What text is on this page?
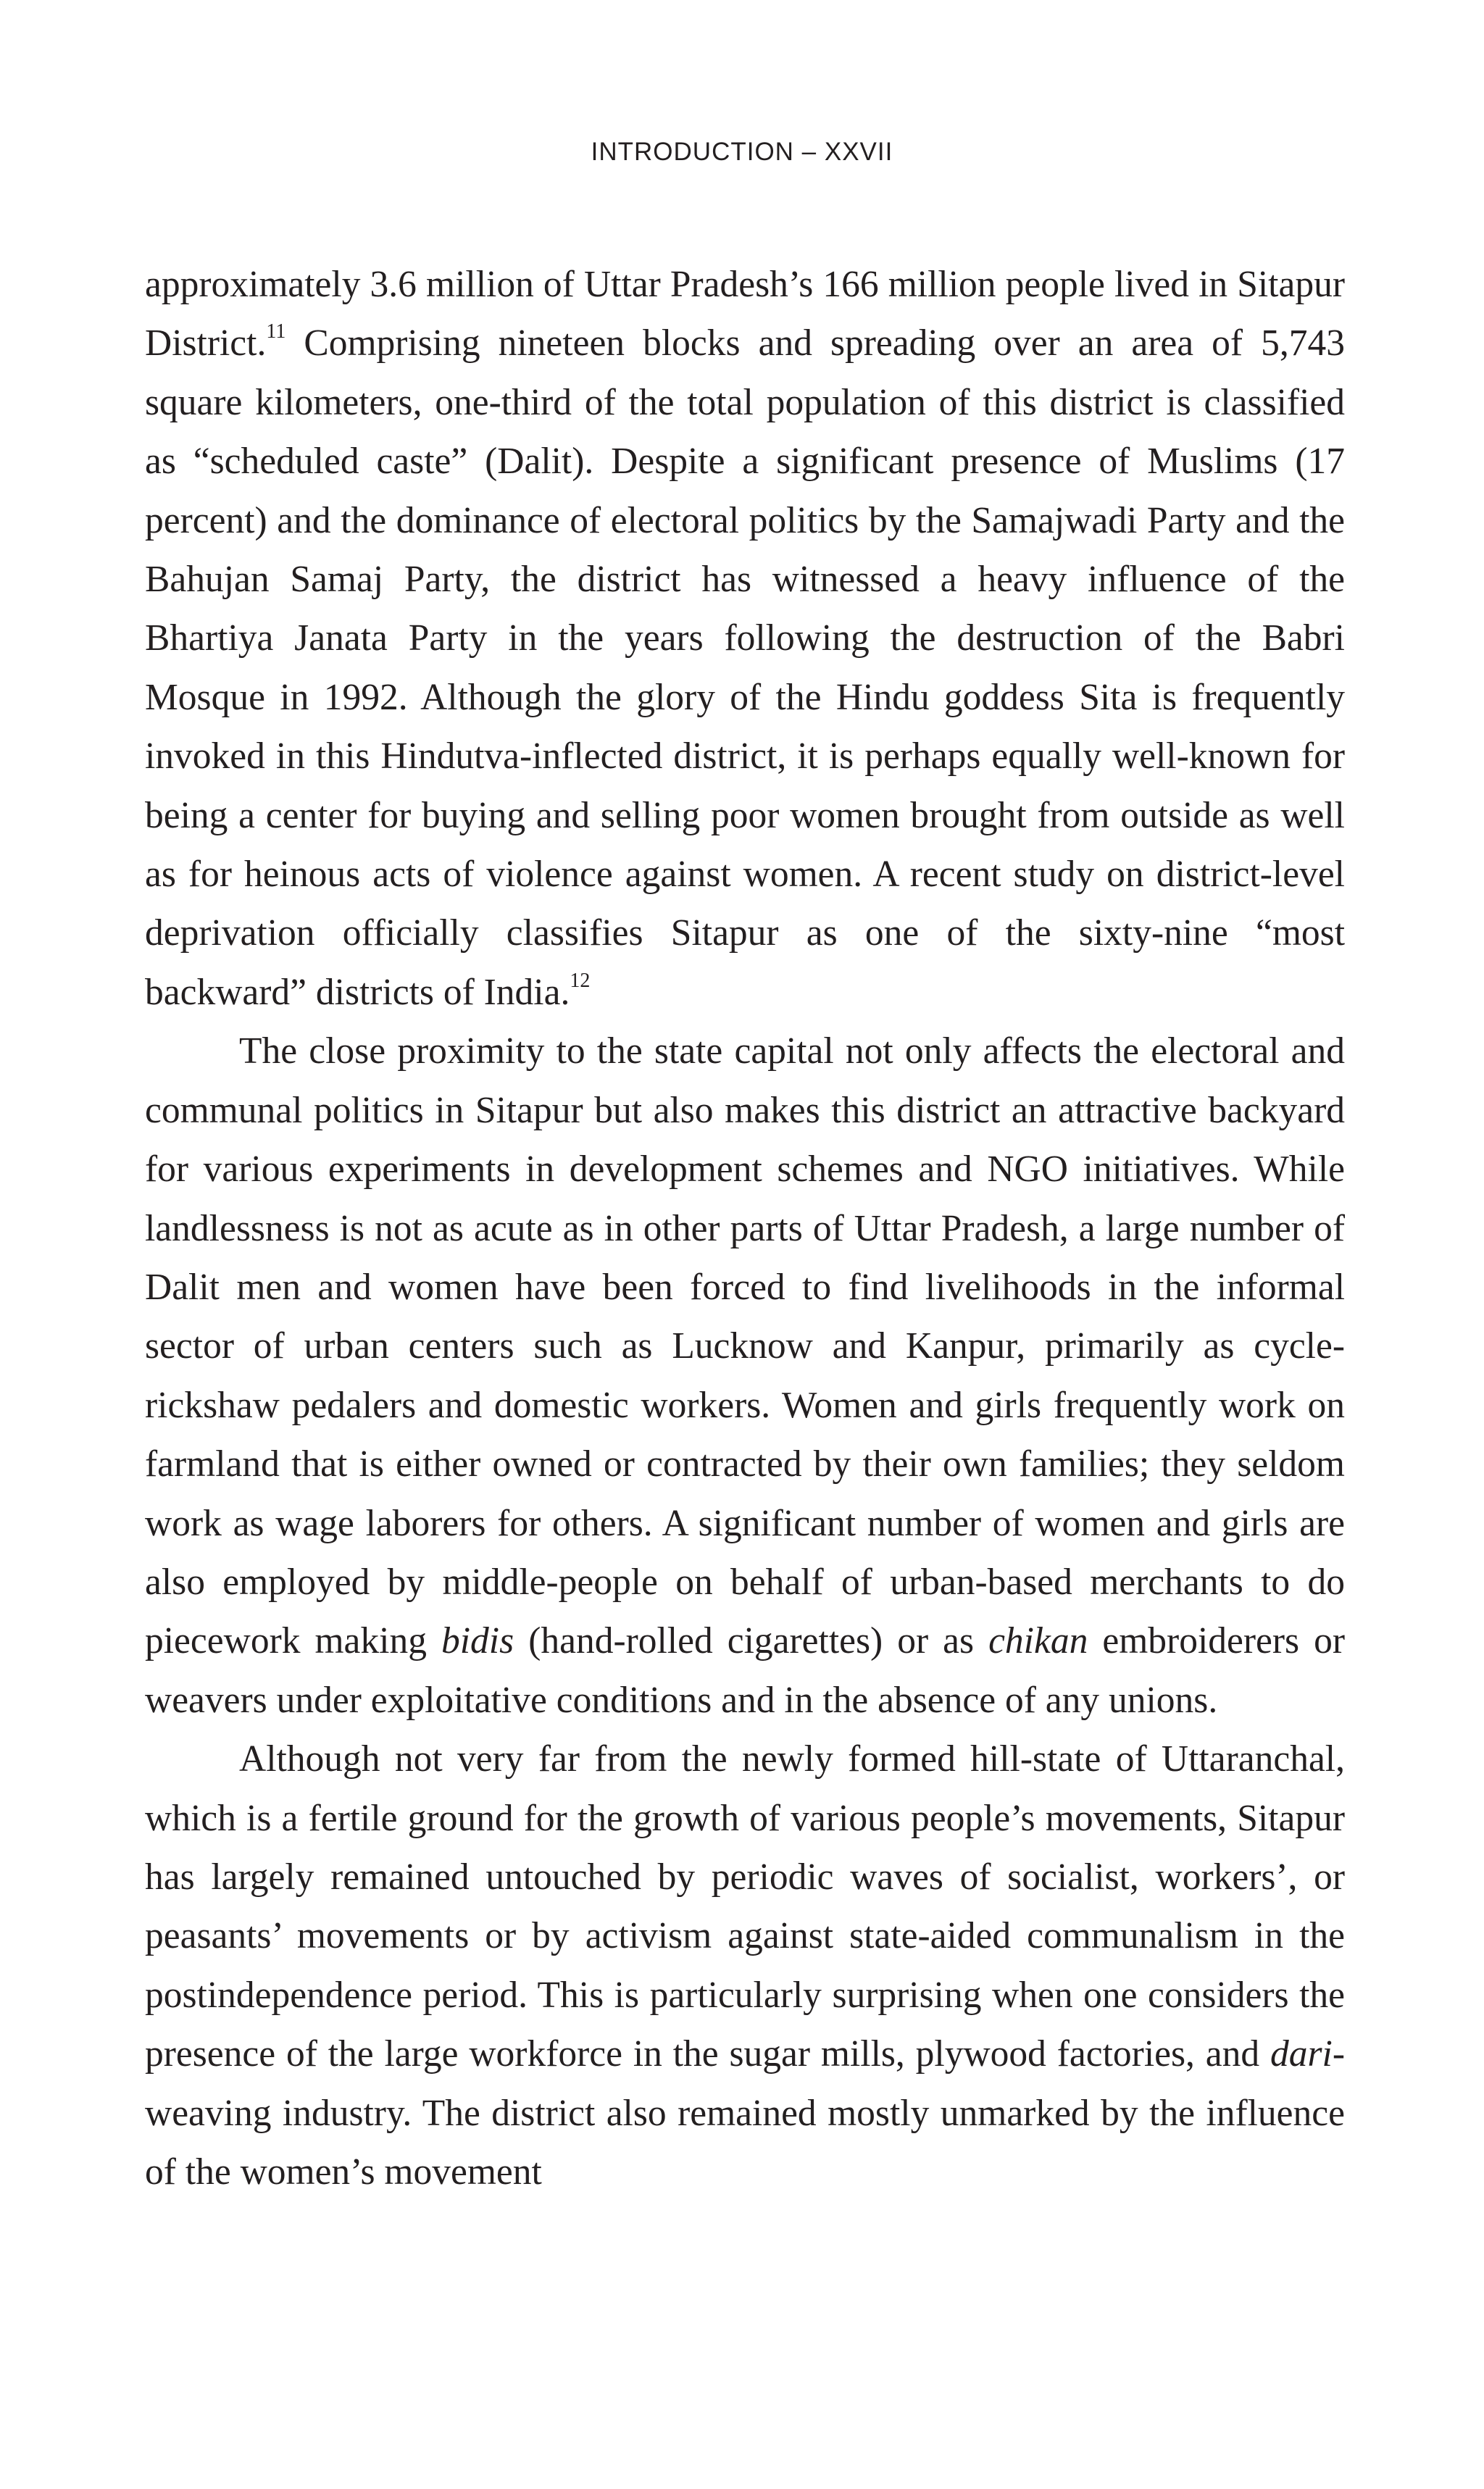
INTRODUCTION – XXVII

approximately 3.6 million of Uttar Pradesh’s 166 million people lived in Sitapur District.$^{11}$ Comprising nineteen blocks and spreading over an area of 5,743 square kilometers, one-third of the total population of this district is classified as “scheduled caste” (Dalit). Despite a significant presence of Muslims (17 percent) and the dominance of electoral politics by the Samajwadi Party and the Bahujan Samaj Party, the district has witnessed a heavy influence of the Bhartiya Janata Party in the years following the destruction of the Babri Mosque in 1992. Although the glory of the Hindu goddess Sita is frequently invoked in this Hindutva-inflected district, it is perhaps equally well-known for being a center for buying and selling poor women brought from outside as well as for heinous acts of violence against women. A recent study on district-level deprivation officially classifies Sitapur as one of the sixty-nine “most backward” districts of India.$^{12}$

The close proximity to the state capital not only affects the electoral and communal politics in Sitapur but also makes this district an attractive backyard for various experiments in development schemes and NGO initiatives. While landlessness is not as acute as in other parts of Uttar Pradesh, a large number of Dalit men and women have been forced to find livelihoods in the informal sector of urban centers such as Lucknow and Kanpur, primarily as cycle-rickshaw pedalers and domestic workers. Women and girls frequently work on farmland that is either owned or contracted by their own families; they seldom work as wage laborers for others. A significant number of women and girls are also employed by middle-people on behalf of urban-based merchants to do piecework making bidis (hand-rolled cigarettes) or as chikan embroiderers or weavers under exploitative conditions and in the absence of any unions.

Although not very far from the newly formed hill-state of Uttaranchal, which is a fertile ground for the growth of various people’s movements, Sitapur has largely remained untouched by periodic waves of socialist, workers’, or peasants’ movements or by activism against state-aided communalism in the postindependence period. This is particularly surprising when one considers the presence of the large workforce in the sugar mills, plywood factories, and dari-weaving industry. The district also remained mostly unmarked by the influence of the women’s movement
